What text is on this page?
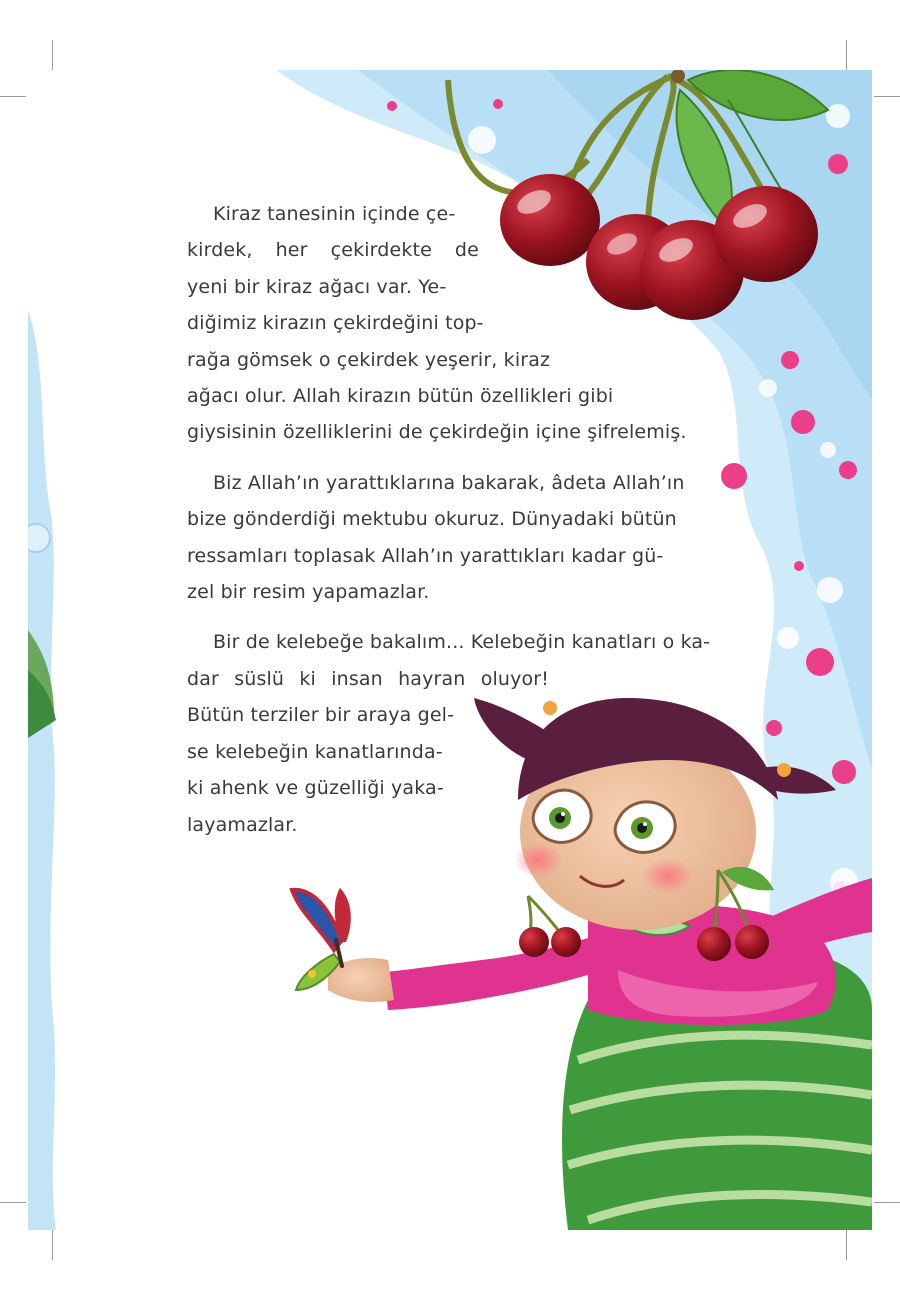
Kiraz tanesinin içinde çe-
kirdek, her çekirdekte de
yeni bir kiraz ağacı var. Ye-
diğimiz kirazın çekirdeğini top-
rağa gömsek o çekirdek yeşerir, kiraz
ağacı olur. Allah kirazın bütün özellikleri gibi
giysisinin özelliklerini de çekirdeğin içine şifrelemiş.
Biz Allah’ın yarattıklarına bakarak, âdeta Allah’ın
bize gönderdiği mektubu okuruz. Dünyadaki bütün
ressamları toplasak Allah’ın yarattıkları kadar gü-
zel bir resim yapamazlar.
Bir de kelebeğe bakalım... Kelebeğin kanatları o ka-
dar süslü ki insan hayran oluyor!
Bütün terziler bir araya gel-
se kelebeğin kanatlarında-
ki ahenk ve güzelliği yaka-
layamazlar.
